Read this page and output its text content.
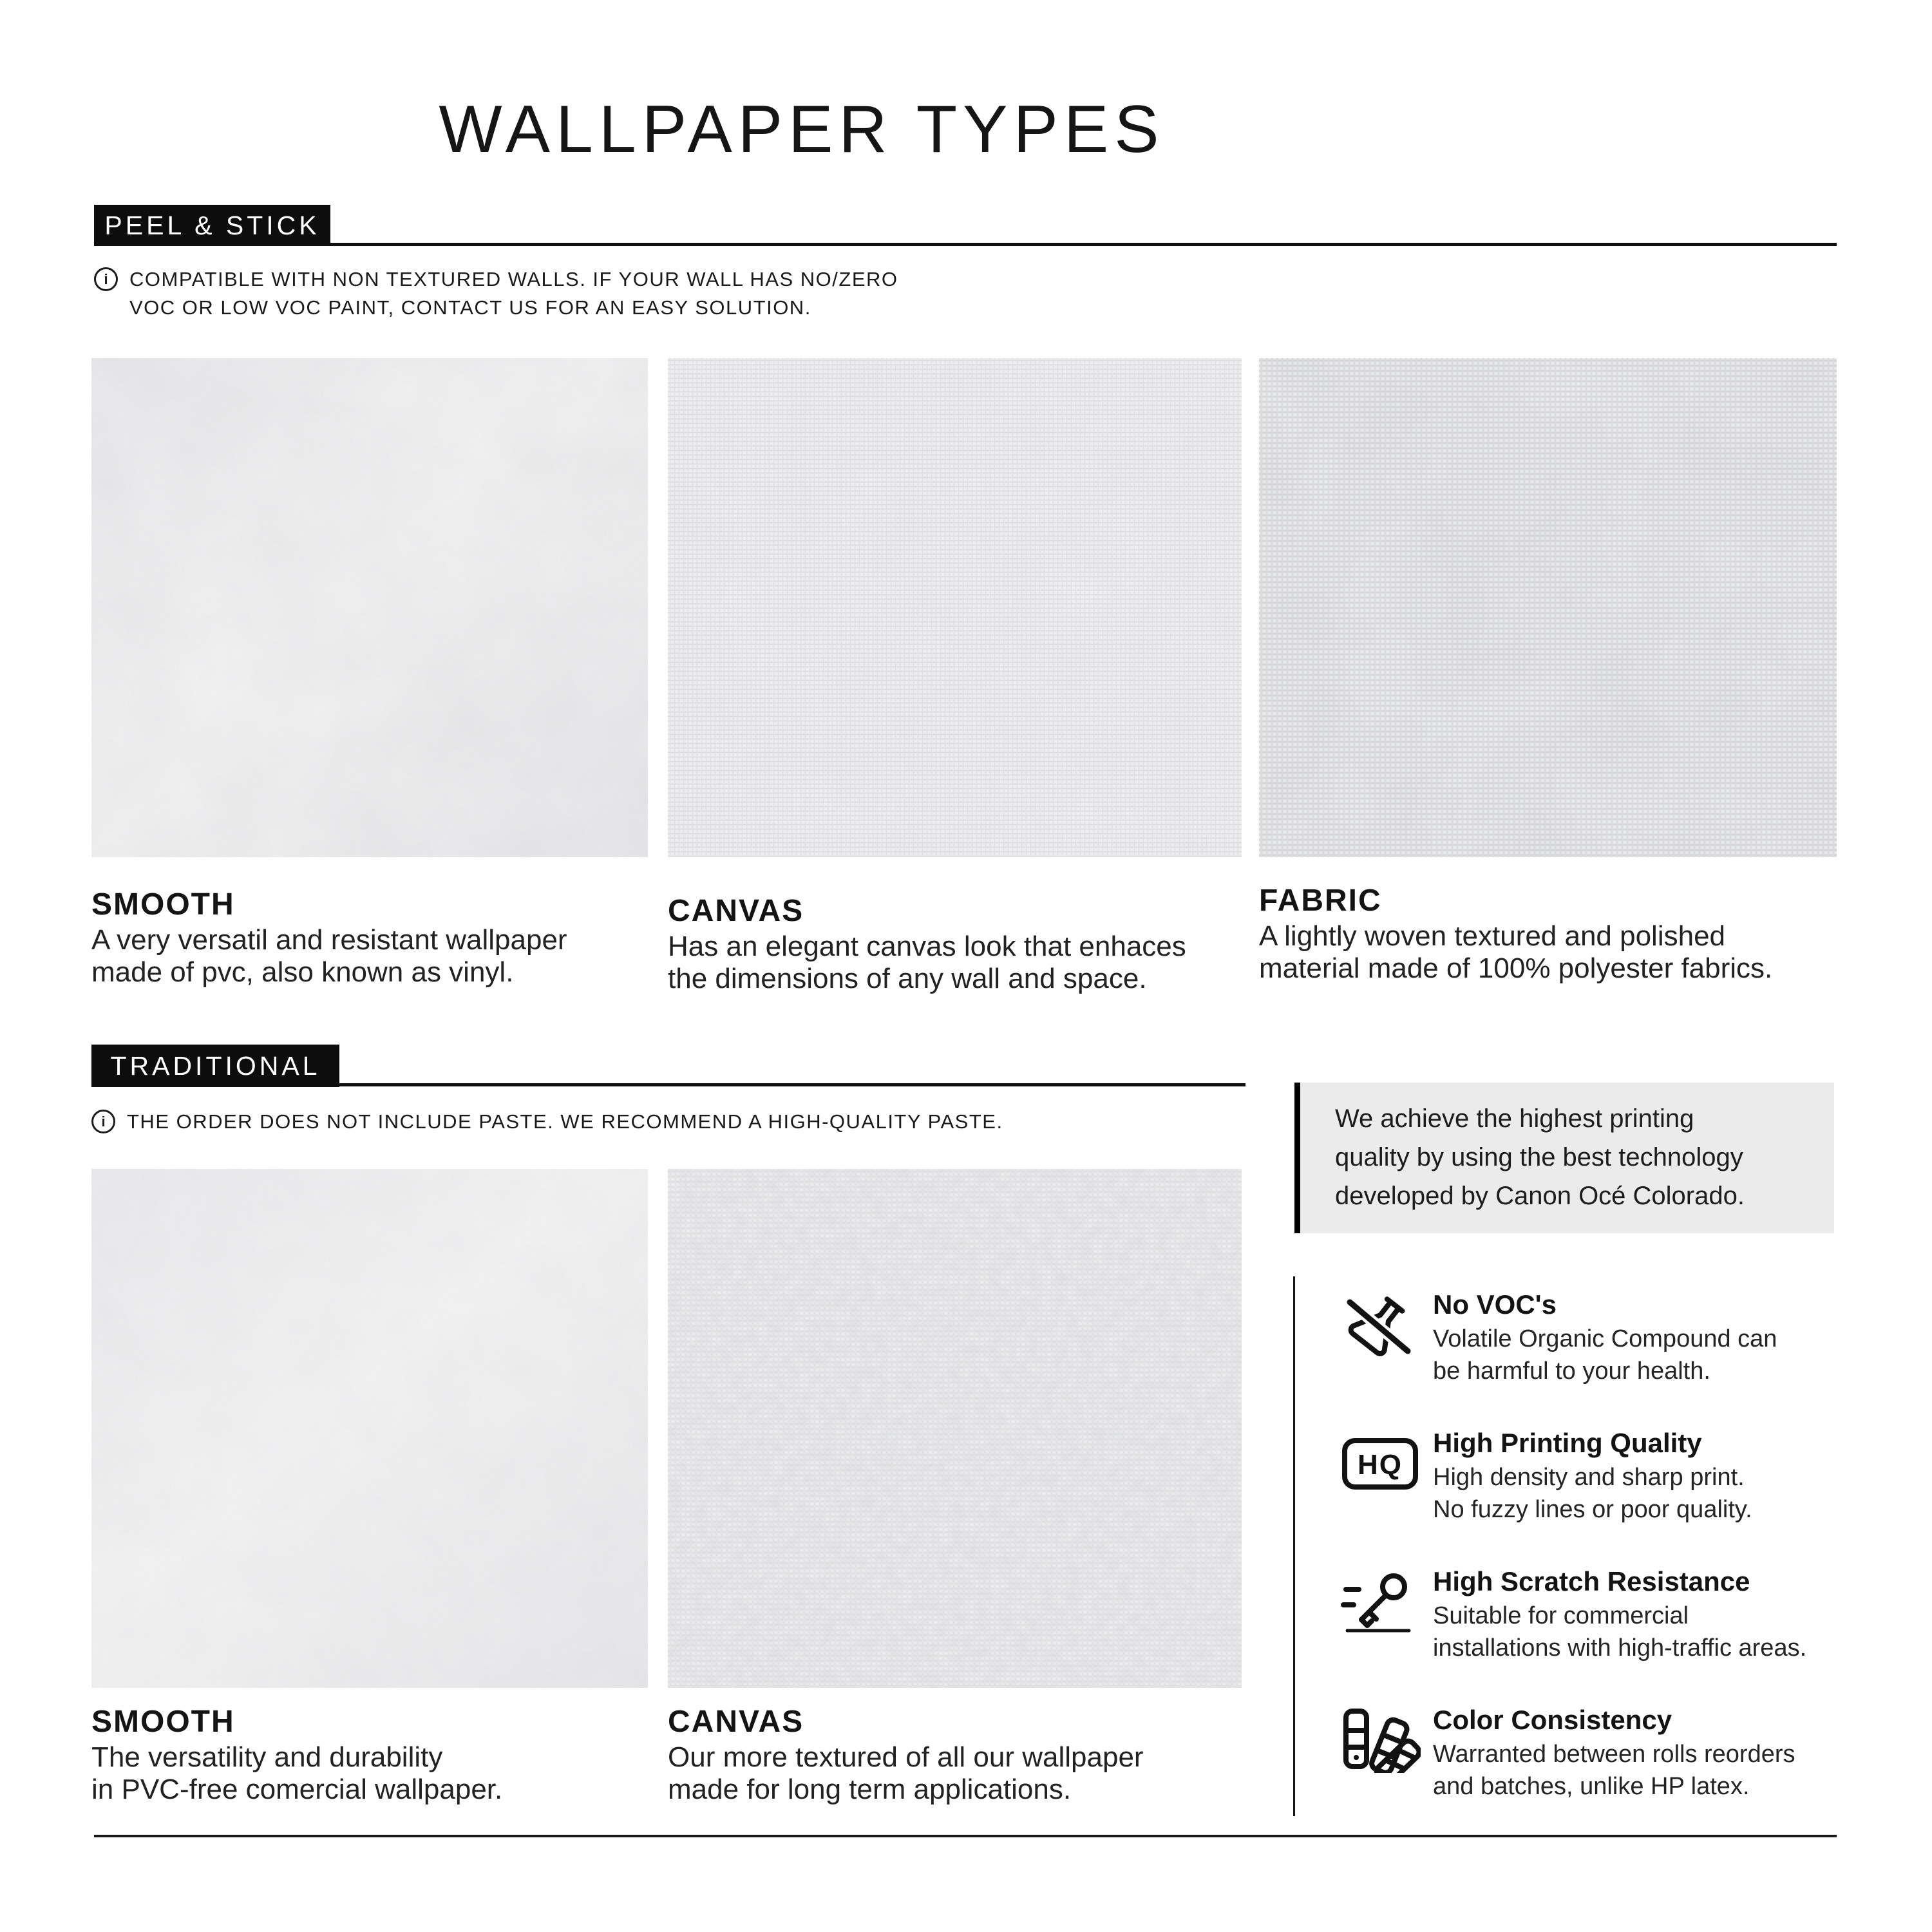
WALLPAPER TYPES
PEEL & STICK
i	COMPATIBLE WITH NON TEXTURED WALLS. IF YOUR WALL HAS NO/ZERO
VOC OR LOW VOC PAINT, CONTACT US FOR AN EASY SOLUTION.
SMOOTH
A very versatil and resistant wallpaper
made of pvc, also known as vinyl.
CANVAS
Has an elegant canvas look that enhaces
the dimensions of any wall and space.
FABRIC
A lightly woven textured and polished
material made of 100% polyester fabrics.
TRADITIONAL
i	THE ORDER DOES NOT INCLUDE PASTE. WE RECOMMEND A HIGH-QUALITY PASTE.
SMOOTH
The versatility and durability
in PVC-free comercial wallpaper.
CANVAS
Our more textured of all our wallpaper
made for long term applications.
We achieve the highest printing
quality by using the best technology
developed by Canon Océ Colorado.
No VOC's
Volatile Organic Compound can
be harmful to your health.
HQ
High Printing Quality
High density and sharp print.
No fuzzy lines or poor quality.
High Scratch Resistance
Suitable for commercial
installations with high-traffic areas.
Color Consistency
Warranted between rolls reorders
and batches, unlike HP latex.
